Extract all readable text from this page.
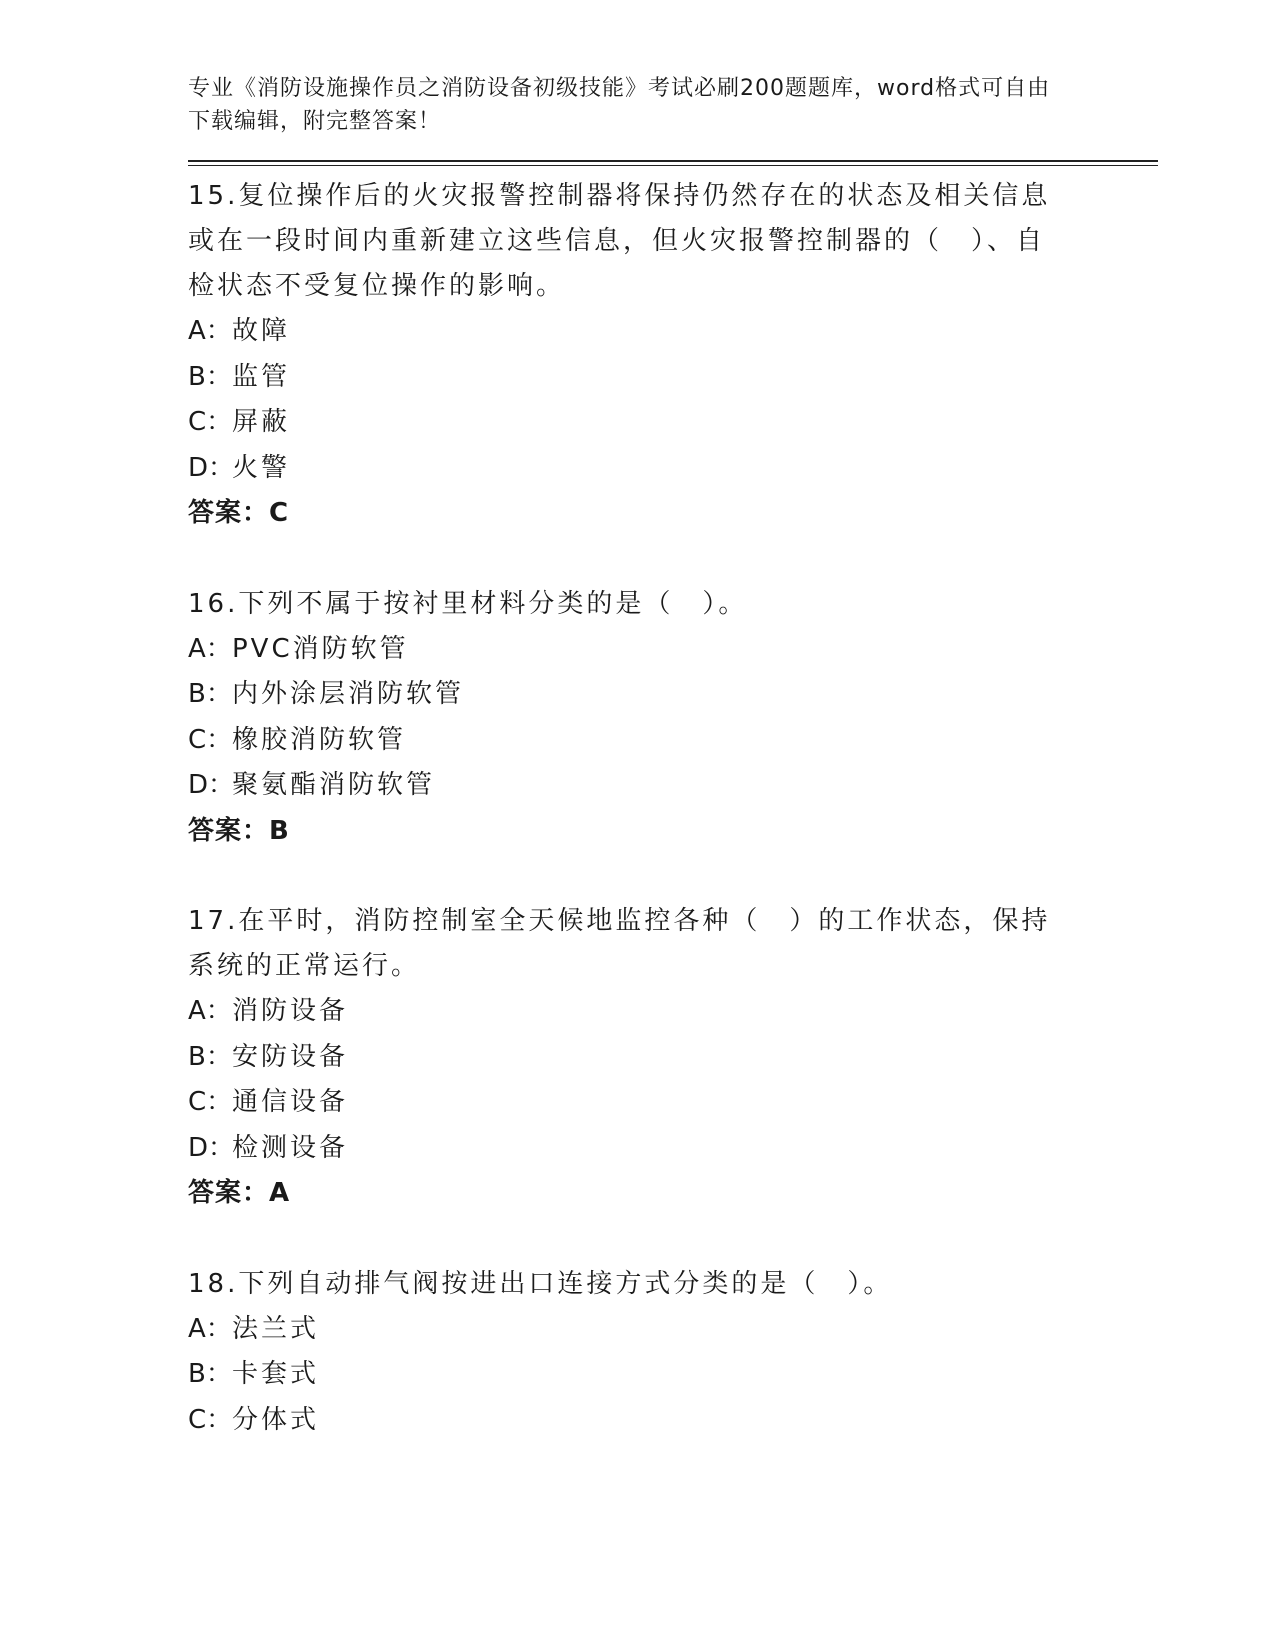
专业《消防设施操作员之消防设备初级技能》考试必刷200题题库，word格式可自由下载编辑，附完整答案！
15.复位操作后的火灾报警控制器将保持仍然存在的状态及相关信息或在一段时间内重新建立这些信息，但火灾报警控制器的（　）、自检状态不受复位操作的影响。
A：故障
B：监管
C：屏蔽
D：火警
答案：C
16.下列不属于按衬里材料分类的是（　）。
A：PVC消防软管
B：内外涂层消防软管
C：橡胶消防软管
D：聚氨酯消防软管
答案：B
17.在平时，消防控制室全天候地监控各种（　）的工作状态，保持系统的正常运行。
A：消防设备
B：安防设备
C：通信设备
D：检测设备
答案：A
18.下列自动排气阀按进出口连接方式分类的是（　）。
A：法兰式
B：卡套式
C：分体式
